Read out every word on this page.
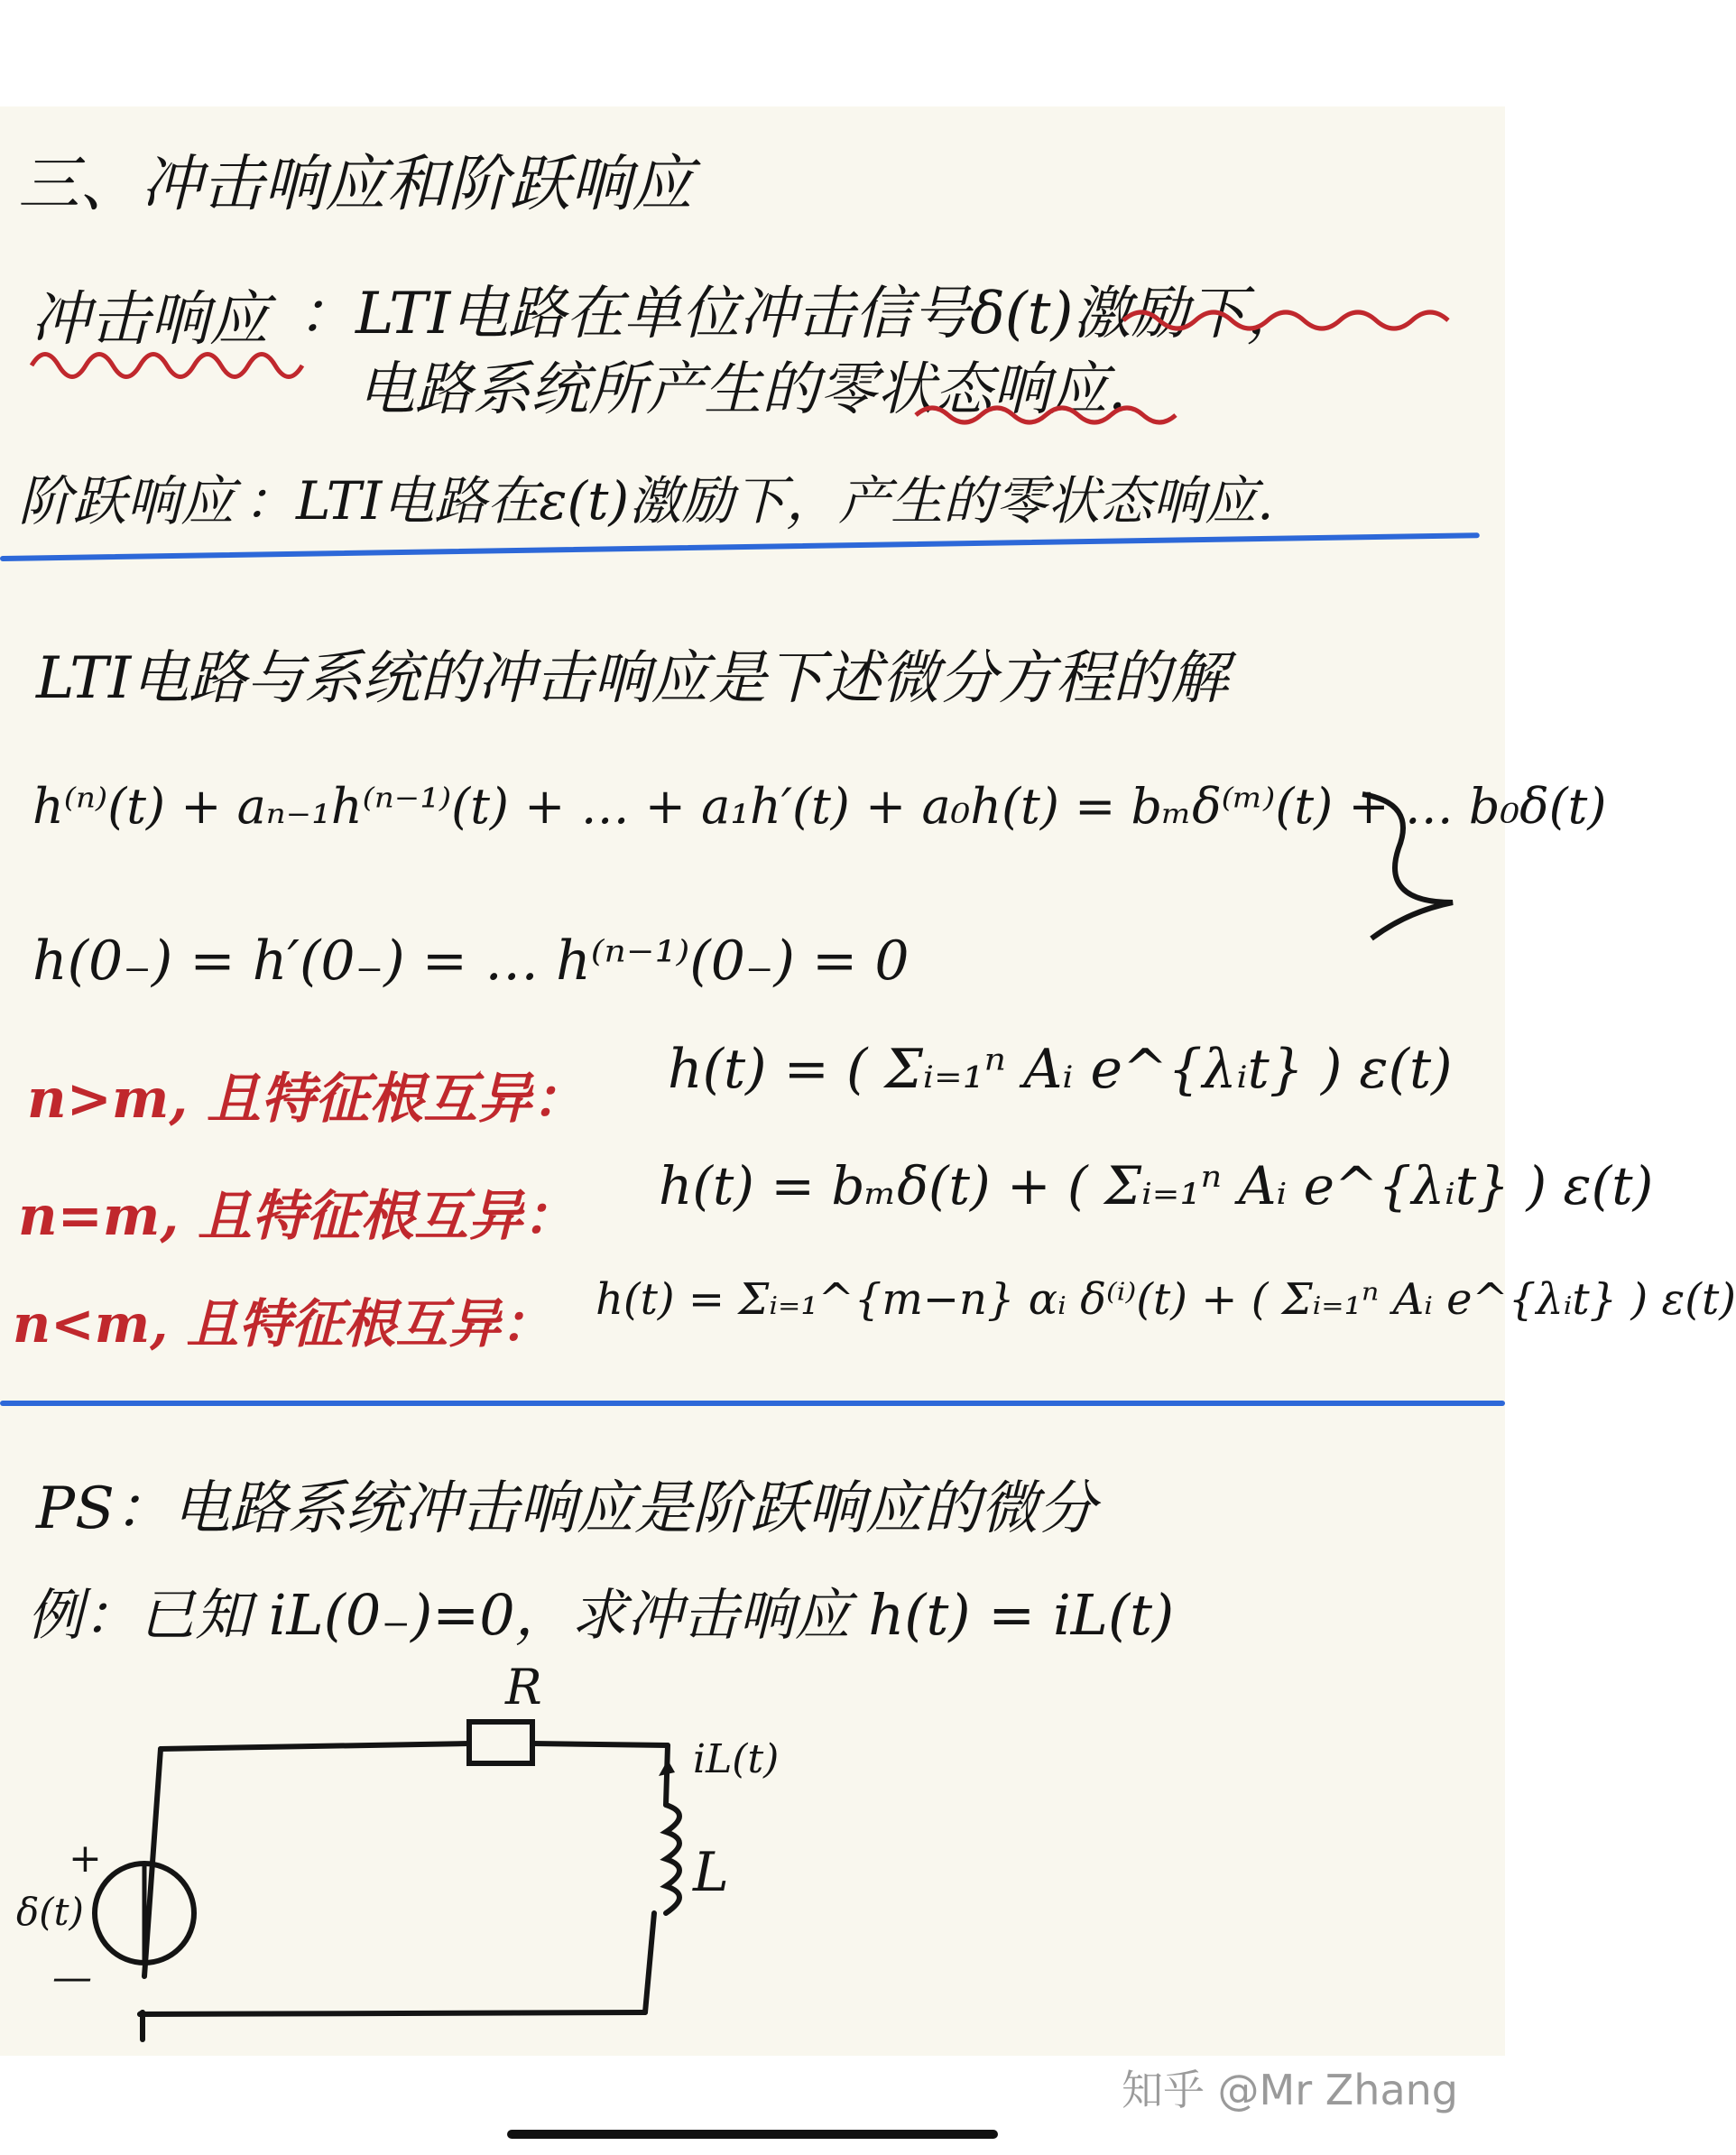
三、冲击响应和阶跃响应
冲击响应 ：LTI电路在单位冲击信号δ(t)激励下，
电路系统所产生的零状态响应.
阶跃响应 ：LTI电路在ε(t)激励下，产生的零状态响应.
LTI电路与系统的冲击响应是下述微分方程的解
h⁽ⁿ⁾(t) + aₙ₋₁h⁽ⁿ⁻¹⁾(t) + … + a₁h′(t) + a₀h(t) = bₘδ⁽ᵐ⁾(t) + … b₀δ(t)
h(0₋) = h′(0₋) = … h⁽ⁿ⁻¹⁾(0₋) = 0
n>m, 且特征根互异： h(t) = ( Σᵢ₌₁ⁿ Aᵢ e^{λᵢt} ) ε(t)
n=m, 且特征根互异： h(t) = bₘδ(t) + ( Σᵢ₌₁ⁿ Aᵢ e^{λᵢt} ) ε(t)
n<m, 且特征根互异： h(t) = Σᵢ₌₁^{m−n} αᵢ δ⁽ⁱ⁾(t) + ( Σᵢ₌₁ⁿ Aᵢ e^{λᵢt} ) ε(t)
PS：电路系统冲击响应是阶跃响应的微分
例：已知 iL(0₋)=0，求冲击响应 h(t) = iL(t)
R
iL(t)
L
+
δ(t)
—
知乎 @Mr Zhang
